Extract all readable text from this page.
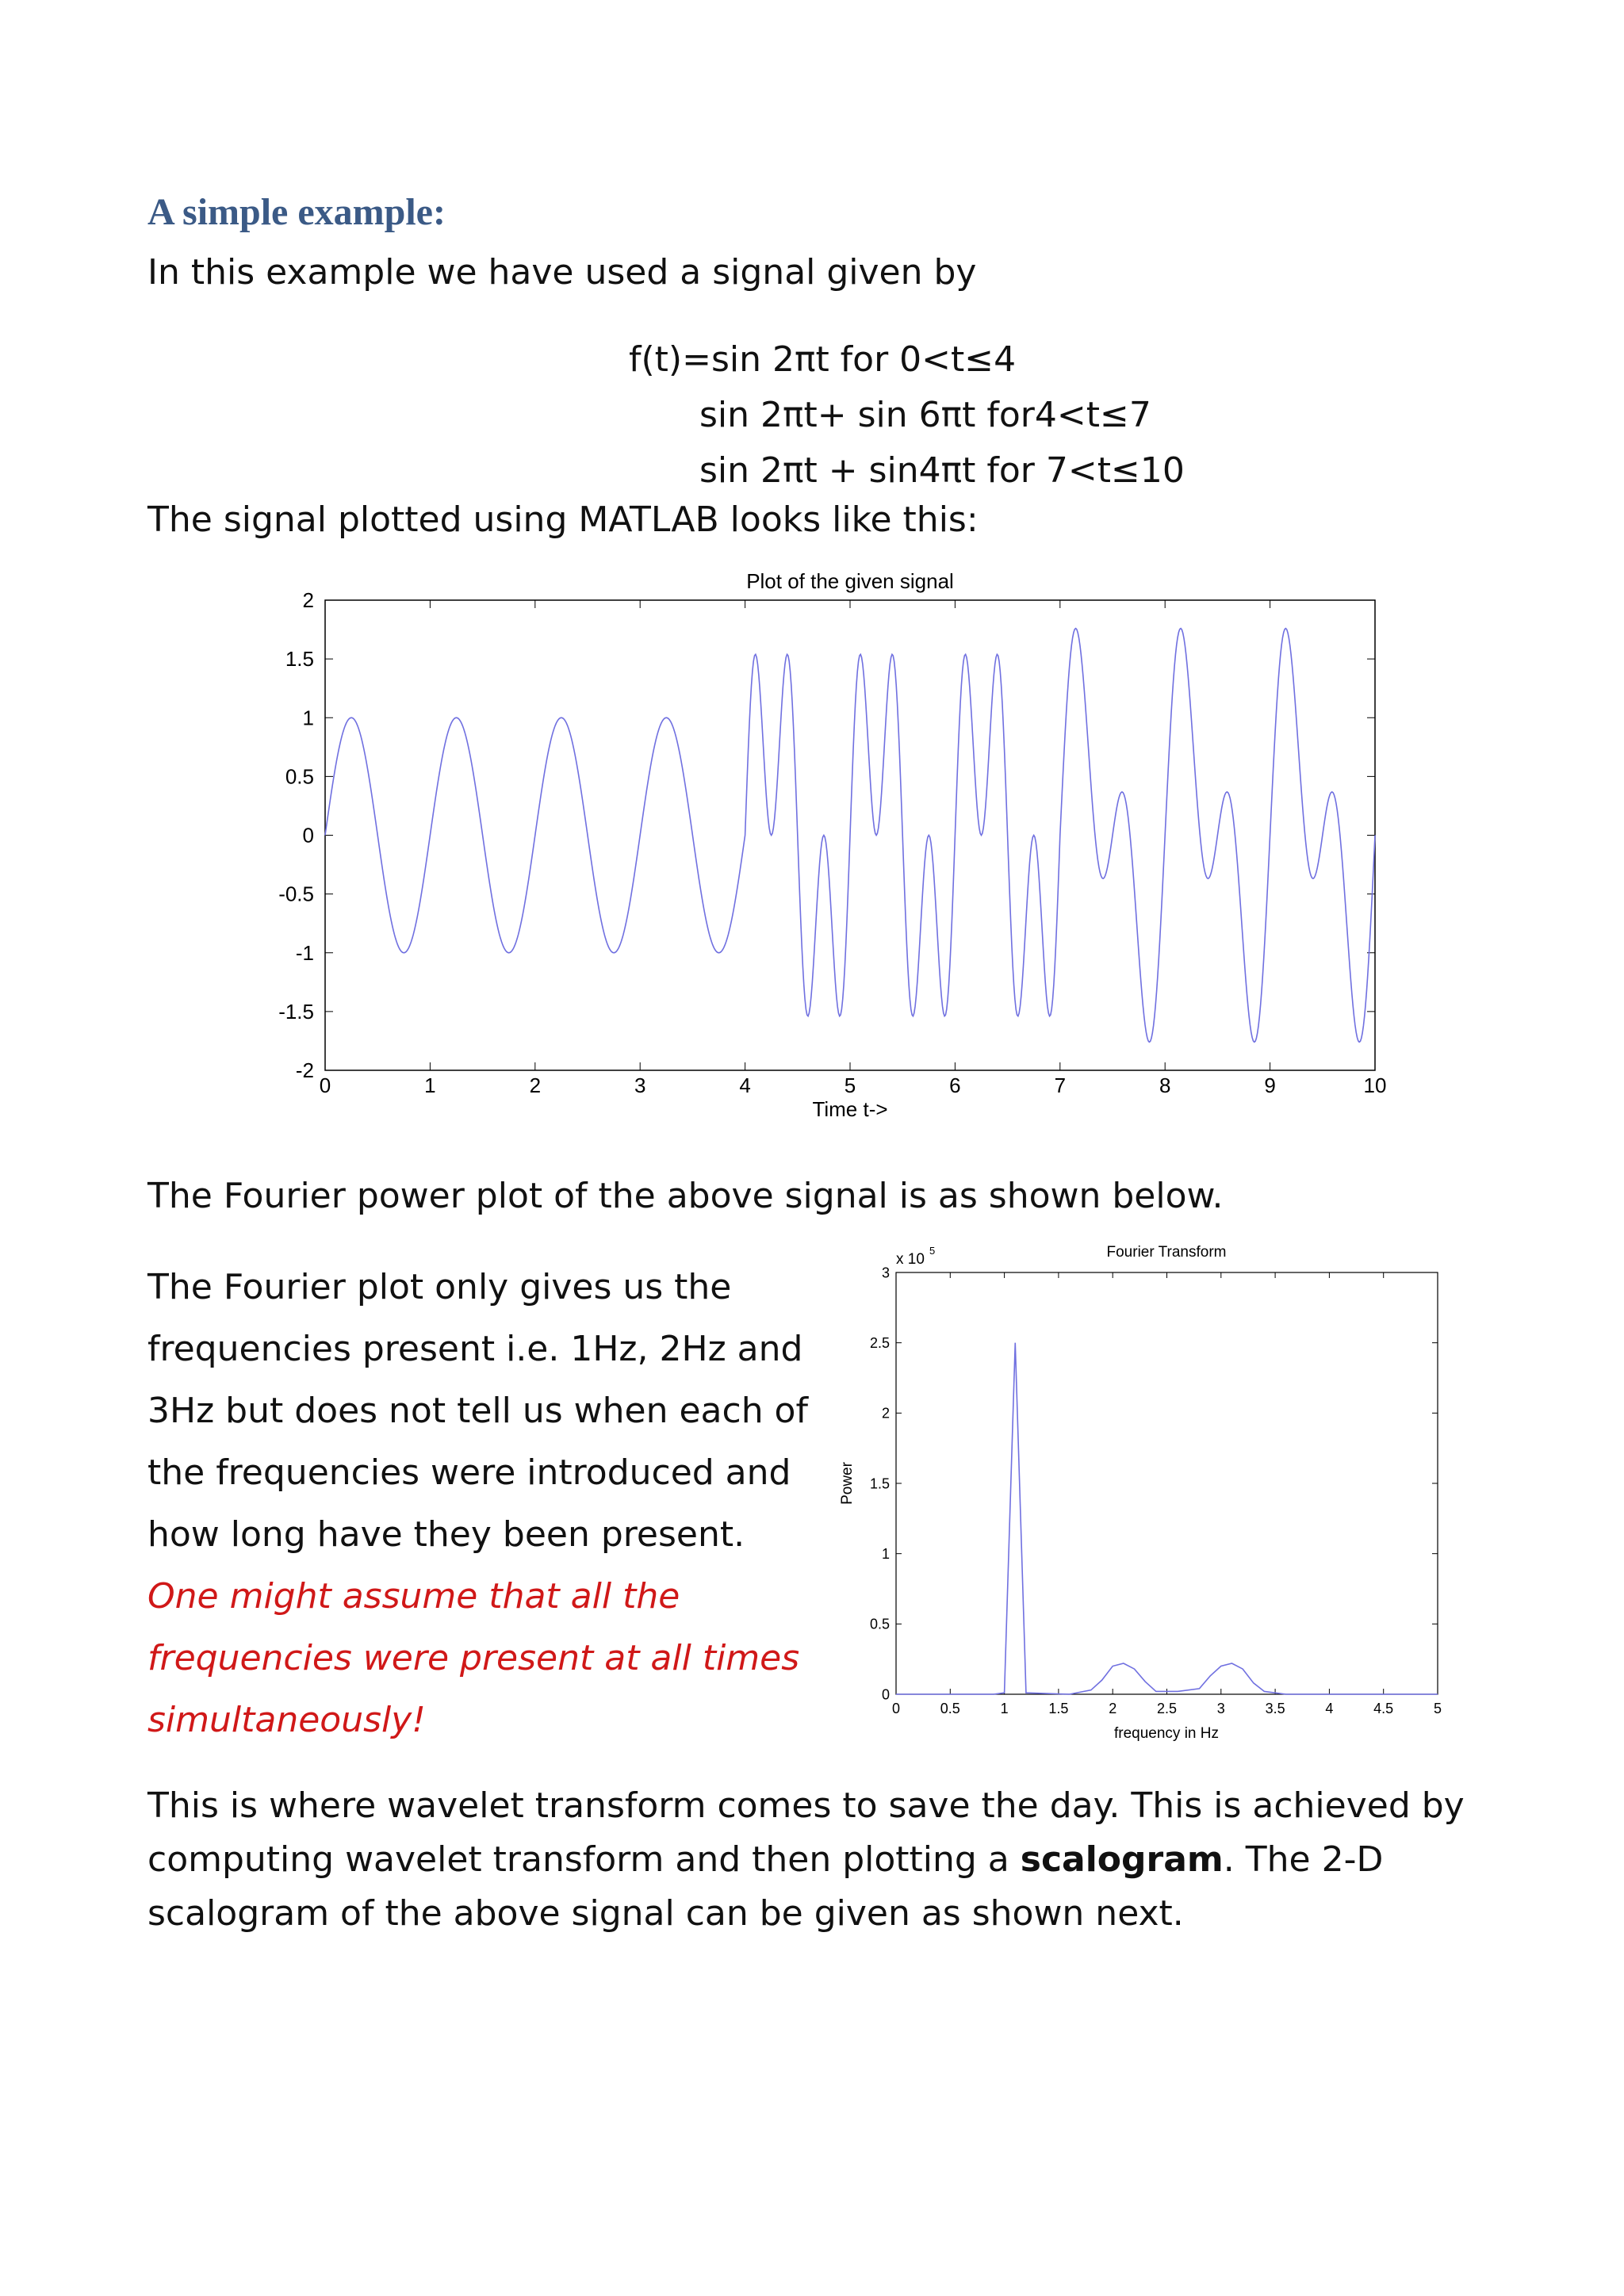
A simple example:

In this example we have used a signal given by

f(t)=sin 2πt for 0<t≤4

sin 2πt+ sin 6πt for4<t≤7

sin 2πt + sin4πt for 7<t≤10

The signal plotted using MATLAB looks like this:

Plot of the given signal
Time t->
0	1	2	3	4	5	6	7	8	9	10
-2
-1.5
-1
-0.5
0
0.5
1
1.5
2

The Fourier power plot of the above signal is as shown below.

The Fourier plot only gives us the
frequencies present i.e. 1Hz, 2Hz and
3Hz but does not tell us when each of
the frequencies were introduced and
how long have they been present.
One might assume that all the
frequencies were present at all times
simultaneously!
Fourier Transform
x 10
5
Power
frequency in Hz
0	0.5	1	1.5	2	2.5	3	3.5	4	4.5	5
0
0.5
1
1.5
2
2.5
3
This is where wavelet transform comes to save the day. This is achieved by
computing wavelet transform and then plotting a scalogram. The 2-D
scalogram of the above signal can be given as shown next.
